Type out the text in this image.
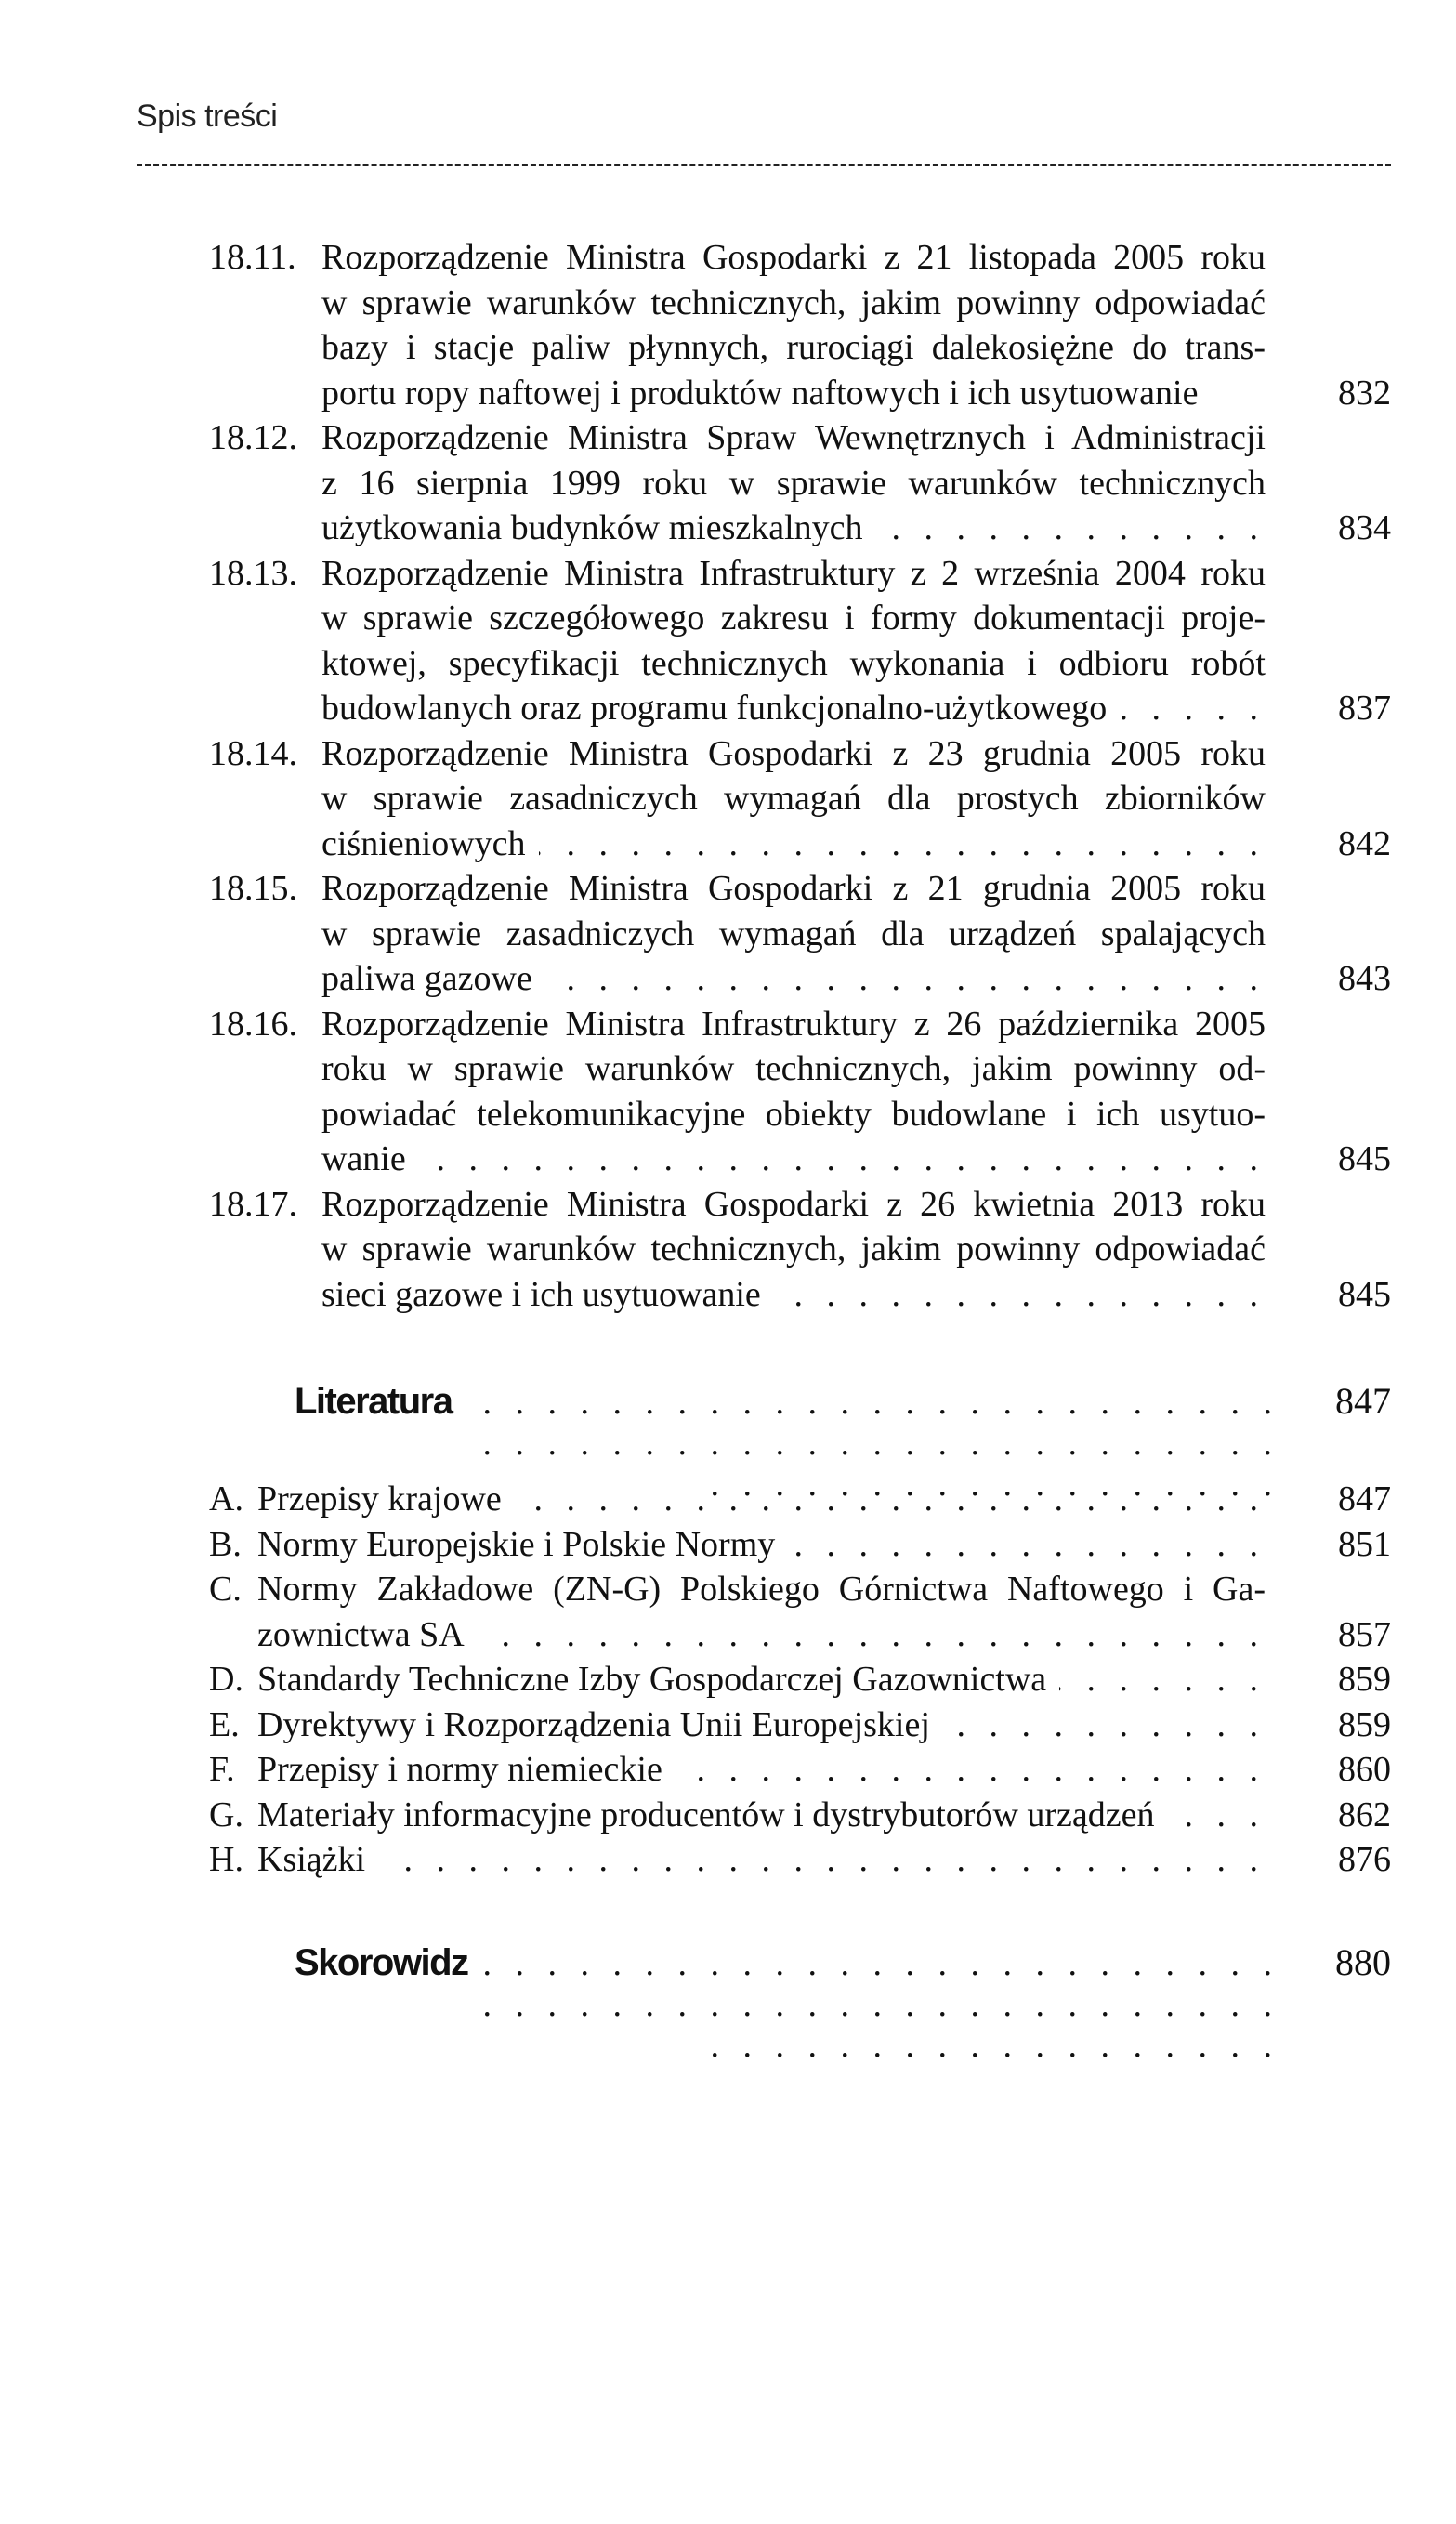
Spis treści
18.11. Rozporządzenie Ministra Gospodarki z 21 listopada 2005 roku
w sprawie warunków technicznych, jakim powinny odpowiadać
bazy i stacje paliw płynnych, rurociągi dalekosiężne do trans-
portu ropy naftowej i produktów naftowych i ich usytuowanie	832
18.12. Rozporządzenie Ministra Spraw Wewnętrznych i Administracji
z 16 sierpnia 1999 roku w sprawie warunków technicznych
użytkowania budynków mieszkalnych . . .	834
18.13. Rozporządzenie Ministra Infrastruktury z 2 września 2004 roku
w sprawie szczegółowego zakresu i formy dokumentacji proje-
ktowej, specyfikacji technicznych wykonania i odbioru robót
budowlanych oraz programu funkcjonalno-użytkowego . . .	837
18.14. Rozporządzenie Ministra Gospodarki z 23 grudnia 2005 roku
w sprawie zasadniczych wymagań dla prostych zbiorników
ciśnieniowych . . .	842
18.15. Rozporządzenie Ministra Gospodarki z 21 grudnia 2005 roku
w sprawie zasadniczych wymagań dla urządzeń spalających
paliwa gazowe . . .	843
18.16. Rozporządzenie Ministra Infrastruktury z 26 października 2005
roku w sprawie warunków technicznych, jakim powinny od-
powiadać telekomunikacyjne obiekty budowlane i ich usytuo-
wanie . . .	845
18.17. Rozporządzenie Ministra Gospodarki z 26 kwietnia 2013 roku
w sprawie warunków technicznych, jakim powinny odpowiadać
sieci gazowe i ich usytuowanie . . .	845
Literatura . . .	847
A. Przepisy krajowe . . .	847
B. Normy Europejskie i Polskie Normy . . .	851
C. Normy Zakładowe (ZN-G) Polskiego Górnictwa Naftowego i Ga-
zownictwa SA . . .	857
D. Standardy Techniczne Izby Gospodarczej Gazownictwa . . .	859
E. Dyrektywy i Rozporządzenia Unii Europejskiej . . .	859
F. Przepisy i normy niemieckie . . .	860
G. Materiały informacyjne producentów i dystrybutorów urządzeń . . .	862
H. Książki . . .	876
Skorowidz . . .	880
